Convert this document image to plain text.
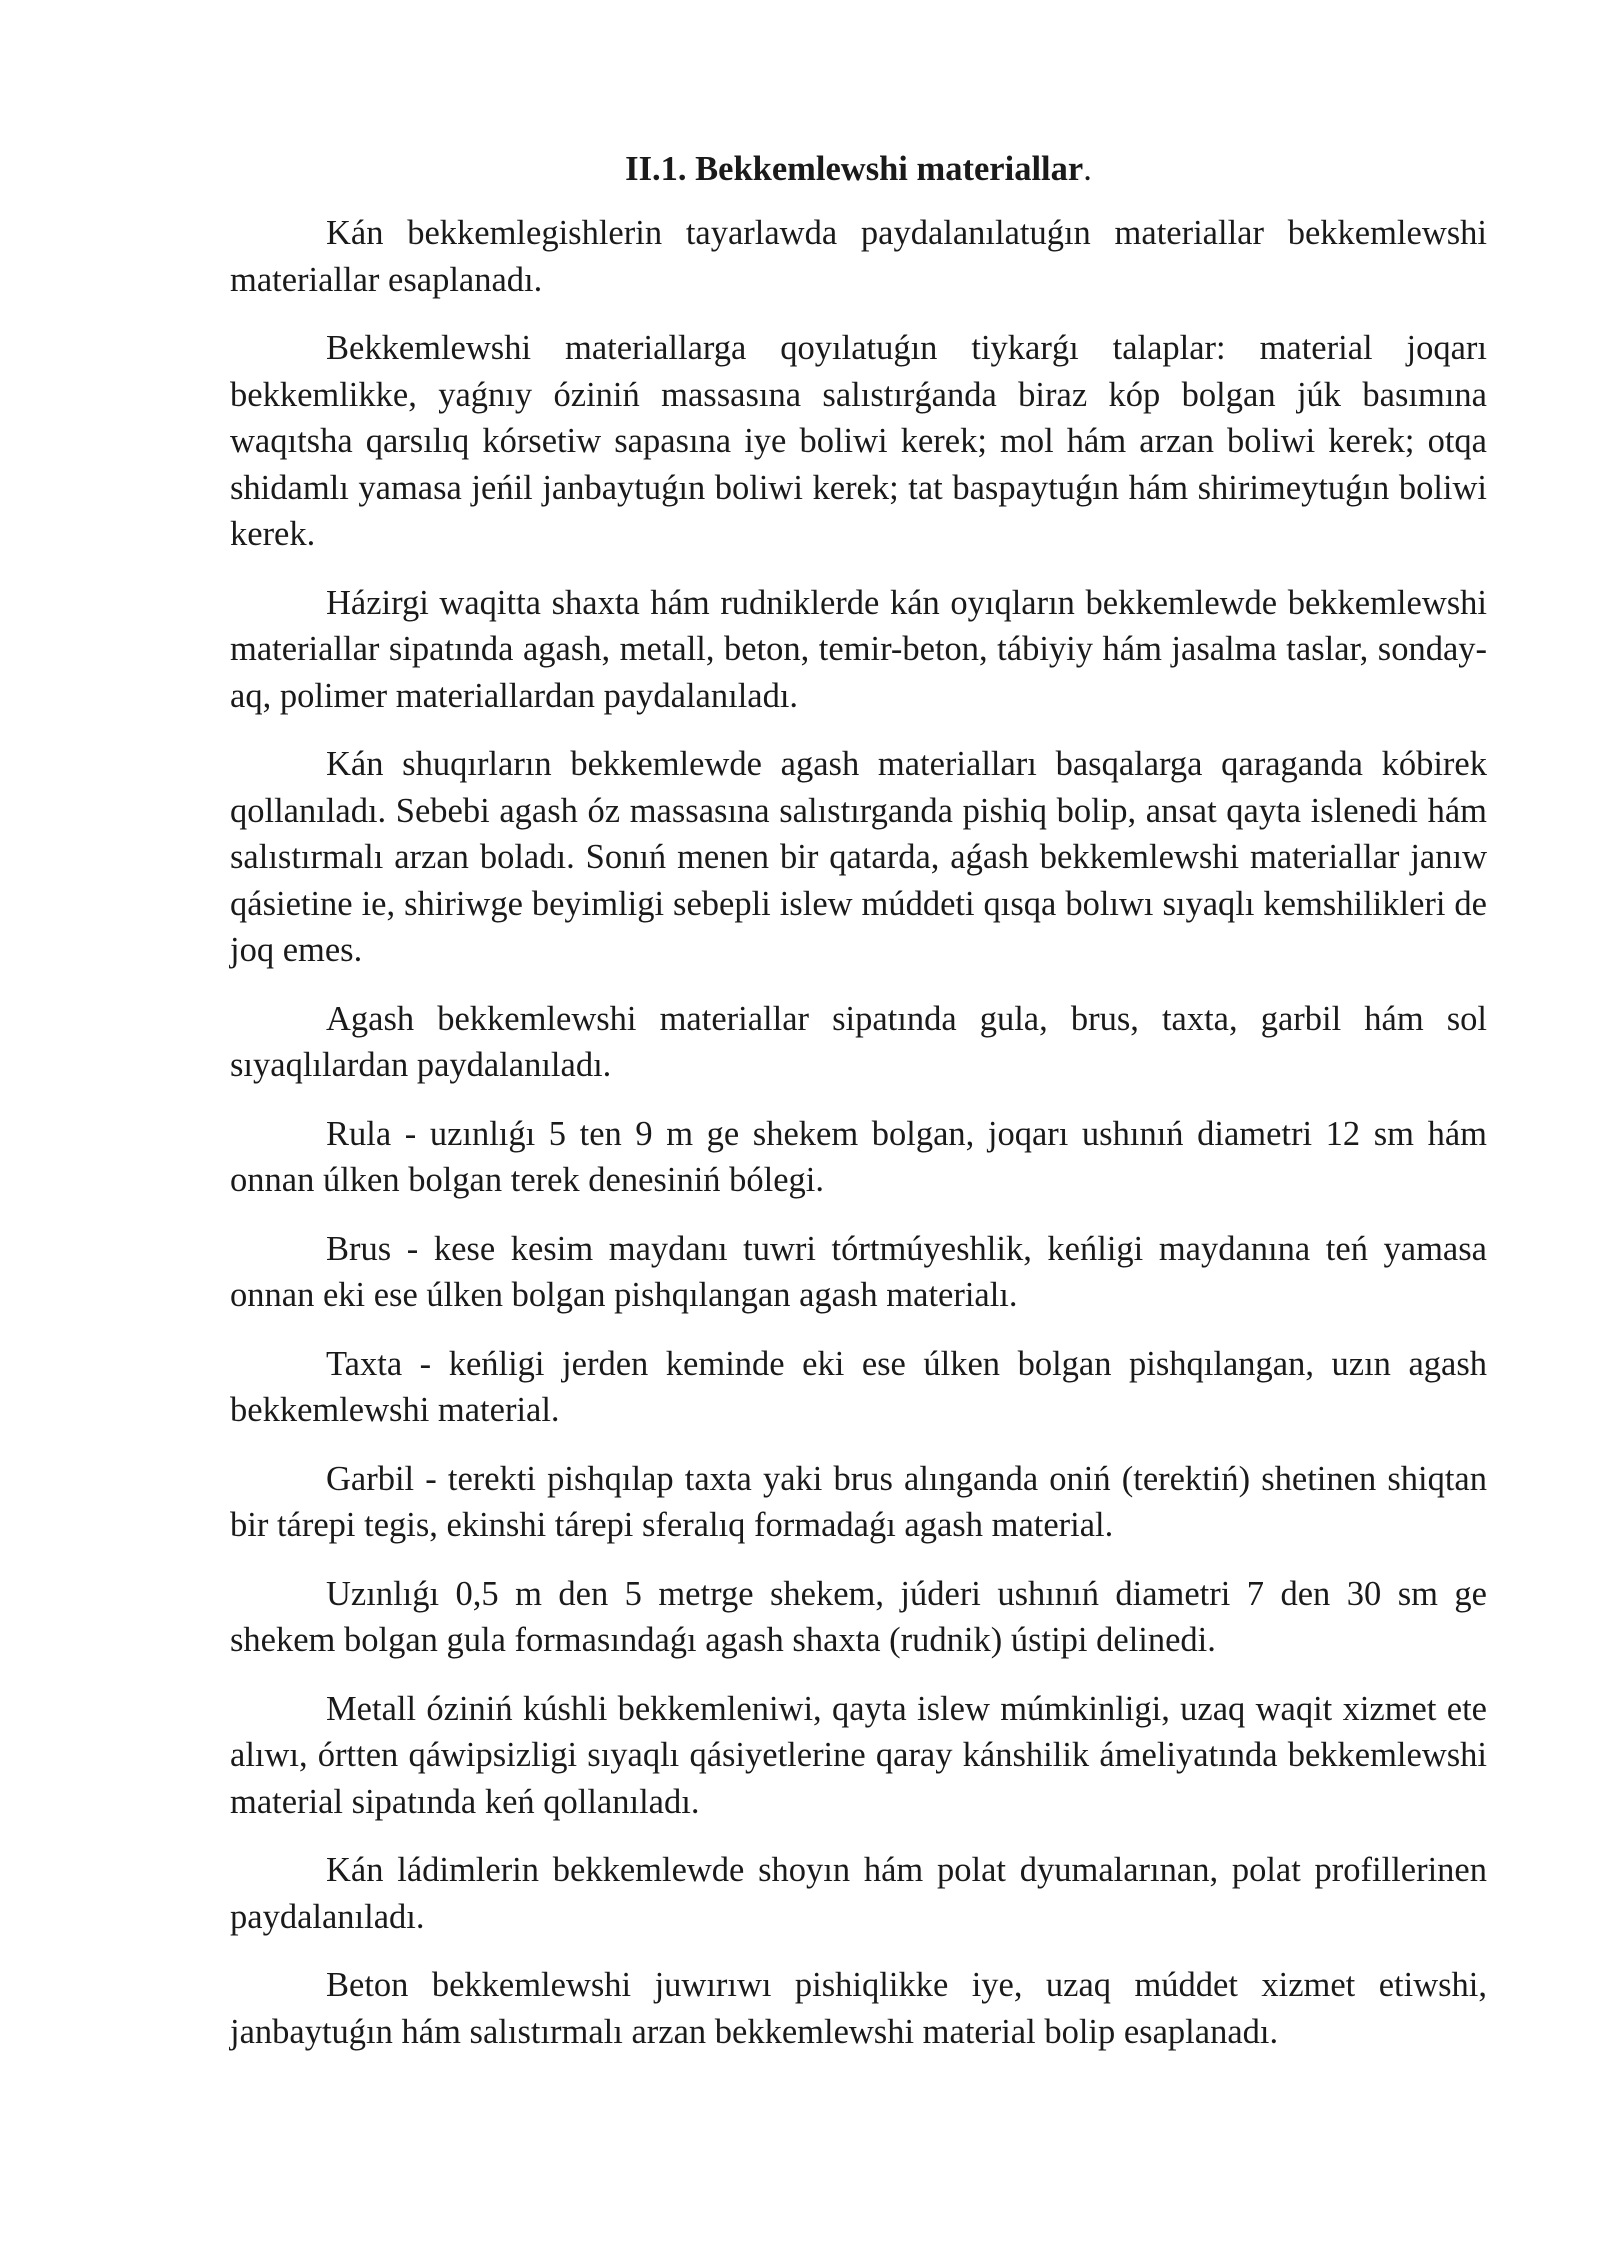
II.1. Bekkemlewshi materiallar.

Kán bekkemlegishlerin tayarlawda paydalanılatuǵın materiallar bekkemlewshi materiallar esaplanadı.

Bekkemlewshi materiallarga qoyılatuǵın tiykarǵı talaplar: material joqarı bekkemlikke, yaǵnıy óziniń massasına salıstırǵanda biraz kóp bolgan júk basımına waqıtsha qarsılıq kórsetiw sapasına iye boliwi kerek; mol hám arzan boliwi kerek; otqa shidamlı yamasa jeńil janbaytuǵın boliwi kerek; tat baspaytuǵın hám shirimeytuǵın boliwi kerek.

Házirgi waqitta shaxta hám rudniklerde kán oyıqların bekkemlewde bekkemlewshi materiallar sipatında agash, metall, beton, temir-beton, tábiyiy hám jasalma taslar, sonday-aq, polimer materiallardan paydalanıladı.

Kán shuqırların bekkemlewde agash materialları basqalarga qaraganda kóbirek qollanıladı. Sebebi agash óz massasına salıstırganda pishiq bolip, ansat qayta islenedi hám salıstırmalı arzan boladı. Sonıń menen bir qatarda, aǵash bekkemlewshi materiallar janıw qásietine ie, shiriwge beyimligi sebepli islew múddeti qısqa bolıwı sıyaqlı kemshilikleri de joq emes.

Agash bekkemlewshi materiallar sipatında gula, brus, taxta, garbil hám sol sıyaqlılardan paydalanıladı.

Rula - uzınlıǵı 5 ten 9 m ge shekem bolgan, joqarı ushınıń diametri 12 sm hám onnan úlken bolgan terek denesiniń bólegi.

Brus - kese kesim maydanı tuwri tórtmúyeshlik, keńligi maydanına teń yamasa onnan eki ese úlken bolgan pishqılangan agash materialı.

Taxta - keńligi jerden keminde eki ese úlken bolgan pishqılangan, uzın agash bekkemlewshi material.

Garbil - terekti pishqılap taxta yaki brus alınganda oniń (terektiń) shetinen shiqtan bir tárepi tegis, ekinshi tárepi sferalıq formadaǵı agash material.

Uzınlıǵı 0,5 m den 5 metrge shekem, júderi ushınıń diametri 7 den 30 sm ge shekem bolgan gula formasındaǵı agash shaxta (rudnik) ústipi delinedi.

Metall óziniń kúshli bekkemleniwi, qayta islew múmkinligi, uzaq waqit xizmet ete alıwı, órtten qáwipsizligi sıyaqlı qásiyetlerine qaray kánshilik ámeliyatında bekkemlewshi material sipatında keń qollanıladı.

Kán ládimlerin bekkemlewde shoyın hám polat dyumalarınan, polat profillerinen paydalanıladı.

Beton bekkemlewshi juwırıwı pishiqlikke iye, uzaq múddet xizmet etiwshi, janbaytuǵın hám salıstırmalı arzan bekkemlewshi material bolip esaplanadı.
